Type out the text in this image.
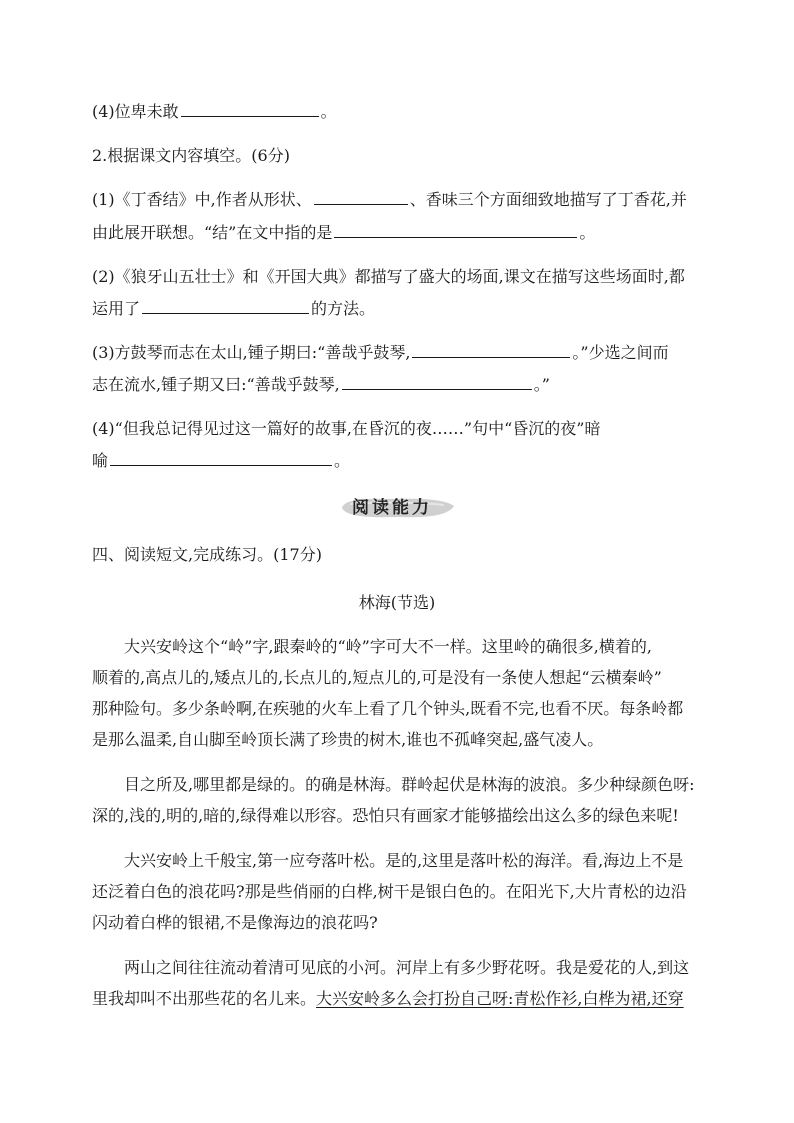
(4)位卑未敢	。
2.根据课文内容填空。(6分)
(1)《丁香结》中,作者从形状、	、香味三个方面细致地描写了丁香花,并
由此展开联想。“结”在文中指的是	。
(2)《狼牙山五壮士》和《开国大典》都描写了盛大的场面,课文在描写这些场面时,都
运用了	的方法。
(3)方鼓琴而志在太山,锺子期曰:“善哉乎鼓琴,	。”少选之间而
志在流水,锺子期又曰:“善哉乎鼓琴,	。”
(4)“但我总记得见过这一篇好的故事,在昏沉的夜……”句中“昏沉的夜”暗
喻	。
阅读能力
四、阅读短文,完成练习。(17分)
林海(节选)
大兴安岭这个“岭”字,跟秦岭的“岭”字可大不一样。这里岭的确很多,横着的,
顺着的,高点儿的,矮点儿的,长点儿的,短点儿的,可是没有一条使人想起“云横秦岭”
那种险句。多少条岭啊,在疾驰的火车上看了几个钟头,既看不完,也看不厌。每条岭都
是那么温柔,自山脚至岭顶长满了珍贵的树木,谁也不孤峰突起,盛气凌人。
目之所及,哪里都是绿的。的确是林海。群岭起伏是林海的波浪。多少种绿颜色呀:
深的,浅的,明的,暗的,绿得难以形容。恐怕只有画家才能够描绘出这么多的绿色来呢!
大兴安岭上千般宝,第一应夸落叶松。是的,这里是落叶松的海洋。看,海边上不是
还泛着白色的浪花吗?那是些俏丽的白桦,树干是银白色的。在阳光下,大片青松的边沿
闪动着白桦的银裙,不是像海边的浪花吗?
两山之间往往流动着清可见底的小河。河岸上有多少野花呀。我是爱花的人,到这
里我却叫不出那些花的名儿来。大兴安岭多么会打扮自己呀:青松作衫,白桦为裙,还穿
